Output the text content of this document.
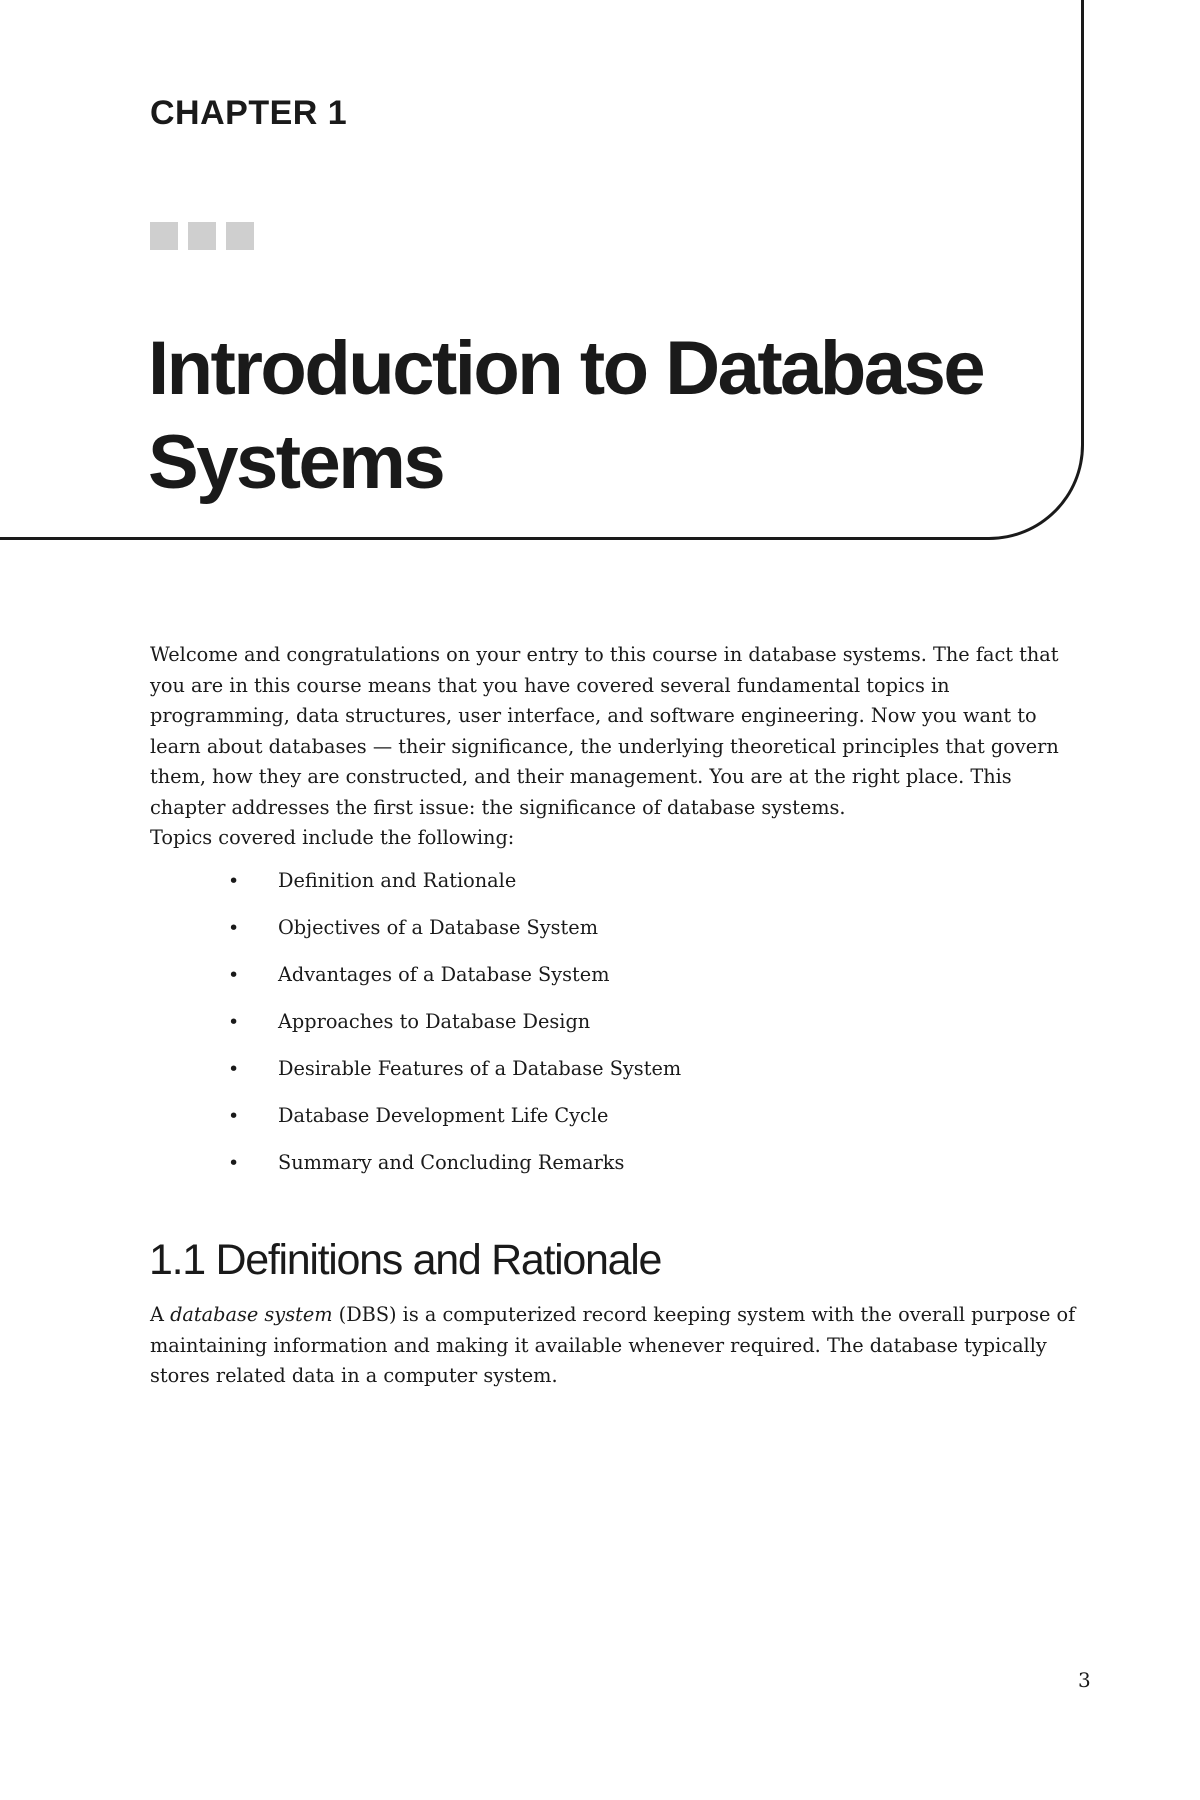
CHAPTER 1
Introduction to Database
Systems

Welcome and congratulations on your entry to this course in database systems. The fact that you are in this course means that you have covered several fundamental topics in programming, data structures, user interface, and software engineering. Now you want to learn about databases — their significance, the underlying theoretical principles that govern them, how they are constructed, and their management. You are at the right place. This chapter addresses the first issue: the significance of database systems.

Topics covered include the following:

• Definition and Rationale
• Objectives of a Database System
• Advantages of a Database System
• Approaches to Database Design
• Desirable Features of a Database System
• Database Development Life Cycle
• Summary and Concluding Remarks
1.1 Definitions and Rationale

A database system (DBS) is a computerized record keeping system with the overall purpose of maintaining information and making it available whenever required. The database typically stores related data in a computer system.

3
